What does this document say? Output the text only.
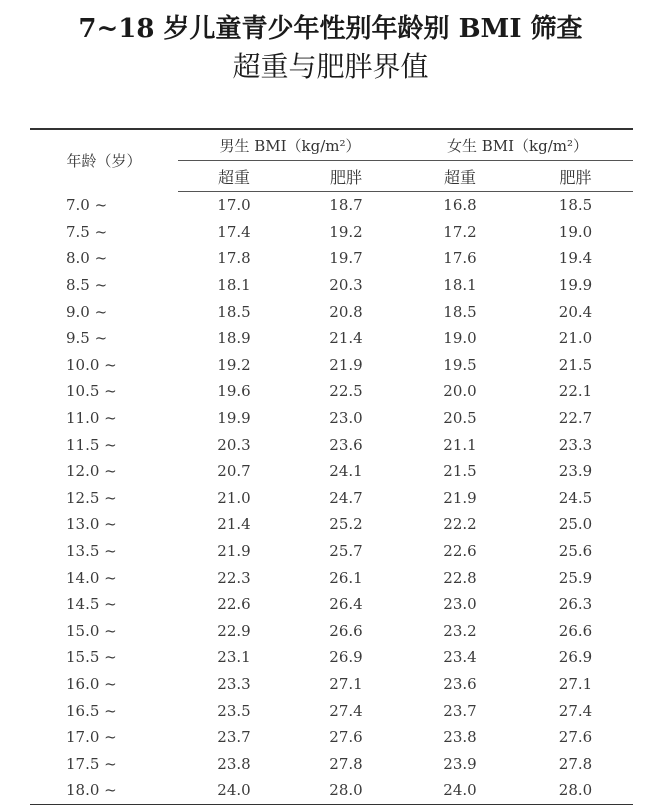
7~18 岁儿童青少年性别年龄别 BMI 筛查
超重与肥胖界值
年龄（岁）	男生 BMI（kg/m²）		女生 BMI（kg/m²）	
	超重	肥胖	超重	肥胖
7.0 ~	17.0	18.7	16.8	18.5
7.5 ~	17.4	19.2	17.2	19.0
8.0 ~	17.8	19.7	17.6	19.4
8.5 ~	18.1	20.3	18.1	19.9
9.0 ~	18.5	20.8	18.5	20.4
9.5 ~	18.9	21.4	19.0	21.0
10.0 ~	19.2	21.9	19.5	21.5
10.5 ~	19.6	22.5	20.0	22.1
11.0 ~	19.9	23.0	20.5	22.7
11.5 ~	20.3	23.6	21.1	23.3
12.0 ~	20.7	24.1	21.5	23.9
12.5 ~	21.0	24.7	21.9	24.5
13.0 ~	21.4	25.2	22.2	25.0
13.5 ~	21.9	25.7	22.6	25.6
14.0 ~	22.3	26.1	22.8	25.9
14.5 ~	22.6	26.4	23.0	26.3
15.0 ~	22.9	26.6	23.2	26.6
15.5 ~	23.1	26.9	23.4	26.9
16.0 ~	23.3	27.1	23.6	27.1
16.5 ~	23.5	27.4	23.7	27.4
17.0 ~	23.7	27.6	23.8	27.6
17.5 ~	23.8	27.8	23.9	27.8
18.0 ~	24.0	28.0	24.0	28.0
